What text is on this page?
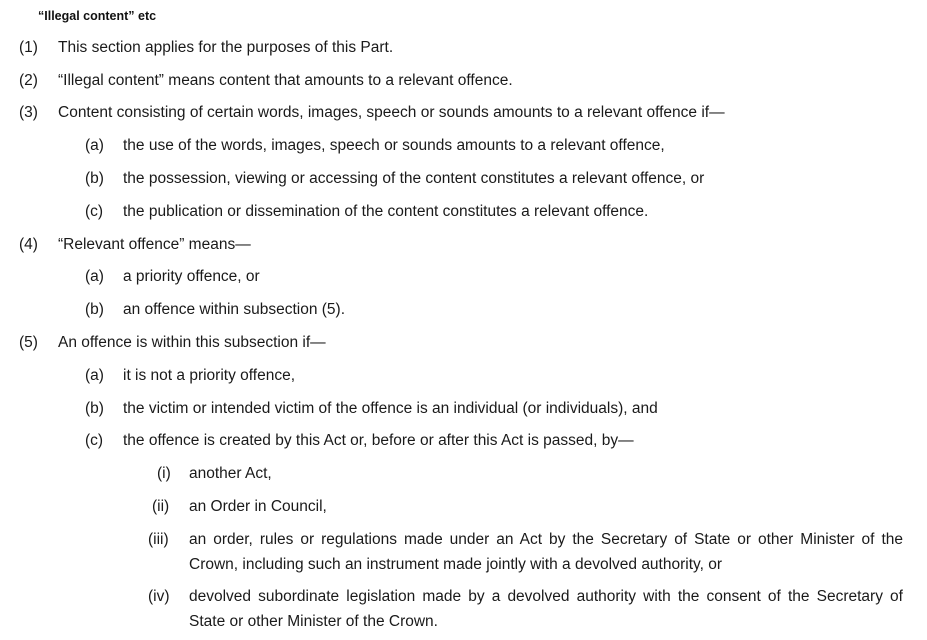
“Illegal content” etc
(1) This section applies for the purposes of this Part.
(2) “Illegal content” means content that amounts to a relevant offence.
(3) Content consisting of certain words, images, speech or sounds amounts to a relevant offence if—
(a) the use of the words, images, speech or sounds amounts to a relevant offence,
(b) the possession, viewing or accessing of the content constitutes a relevant offence, or
(c) the publication or dissemination of the content constitutes a relevant offence.
(4) “Relevant offence” means—
(a) a priority offence, or
(b) an offence within subsection (5).
(5) An offence is within this subsection if—
(a) it is not a priority offence,
(b) the victim or intended victim of the offence is an individual (or individuals), and
(c) the offence is created by this Act or, before or after this Act is passed, by—
(i) another Act,
(ii) an Order in Council,
(iii) an order, rules or regulations made under an Act by the Secretary of State or other Minister of the Crown, including such an instrument made jointly with a devolved authority, or
(iv) devolved subordinate legislation made by a devolved authority with the consent of the Secretary of State or other Minister of the Crown.
